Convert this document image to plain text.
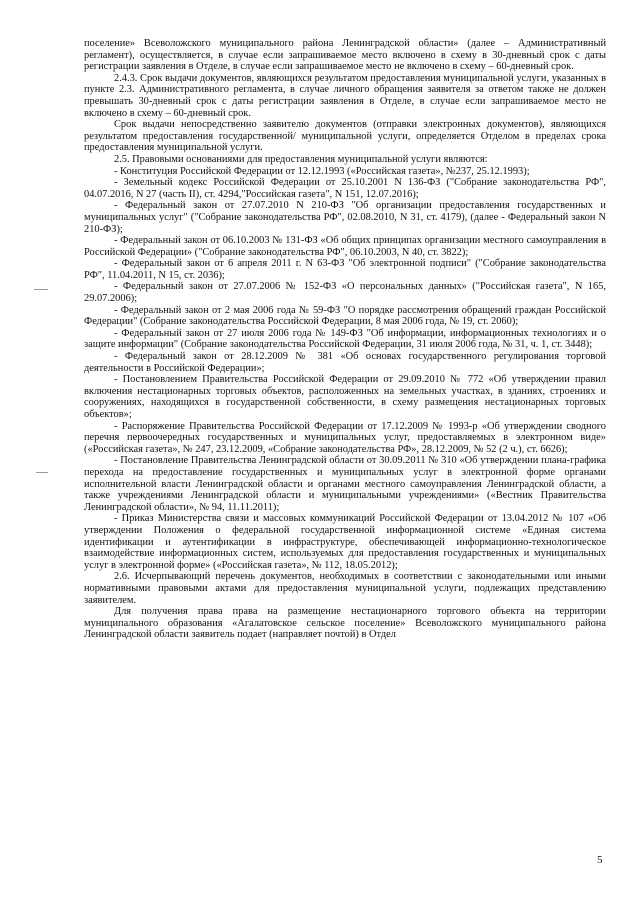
поселение» Всеволожского муниципального района Ленинградской области» (далее – Административный регламент), осуществляется, в случае если запрашиваемое место включено в схему в 30-дневный срок с даты регистрации заявления в Отделе, в случае если запрашиваемое место не включено в схему – 60-дневный срок.

2.4.3. Срок выдачи документов, являющихся результатом предоставления муниципальной услуги, указанных в пункте 2.3. Административного регламента, в случае личного обращения заявителя за ответом также не должен превышать 30-дневный срок с даты регистрации заявления в Отделе, в случае если запрашиваемое место не включено в схему – 60-дневный срок.

Срок выдачи непосредственно заявителю документов (отправки электронных документов), являющихся результатом предоставления государственной/ муниципальной услуги, определяется Отделом в пределах срока предоставления муниципальной услуги.

2.5. Правовыми основаниями для предоставления муниципальной услуги являются:

- Конституция Российской Федерации от 12.12.1993 («Российская газета», №237, 25.12.1993);

- Земельный кодекс Российской Федерации от 25.10.2001 N 136-ФЗ ("Собрание законодательства РФ", 04.07.2016, N 27 (часть II), ст. 4294,"Российская газета", N 151, 12.07.2016);

- Федеральный закон от 27.07.2010 N 210-ФЗ "Об организации предоставления государственных и муниципальных услуг" ("Собрание законодательства РФ", 02.08.2010, N 31, ст. 4179), (далее - Федеральный закон N 210-ФЗ);

- Федеральный закон от 06.10.2003 № 131-ФЗ «Об общих принципах организации местного самоуправления в Российской Федерации» ("Собрание законодательства РФ", 06.10.2003, N 40, ст. 3822);

- Федеральный закон от 6 апреля 2011 г. N 63-ФЗ "Об электронной подписи" ("Собрание законодательства РФ", 11.04.2011, N 15, ст. 2036);

- Федеральный закон от 27.07.2006 № 152-ФЗ «О персональных данных» ("Российская газета", N 165, 29.07.2006);

- Федеральный закон от 2 мая 2006 года № 59-ФЗ "О порядке рассмотрения обращений граждан Российской Федерации" (Собрание законодательства Российской Федерации, 8 мая 2006 года, № 19, ст. 2060);

- Федеральный закон от 27 июля 2006 года № 149-ФЗ "Об информации, информационных технологиях и о защите информации" (Собрание законодательства Российской Федерации, 31 июля 2006 года, № 31, ч. 1, ст. 3448);

- Федеральный закон от 28.12.2009 № 381 «Об основах государственного регулирования торговой деятельности в Российской Федерации»;

- Постановлением Правительства Российской Федерации от 29.09.2010 № 772 «Об утверждении правил включения нестационарных торговых объектов, расположенных на земельных участках, в зданиях, строениях и сооружениях, находящихся в государственной собственности, в схему размещения нестационарных торговых объектов»;

- Распоряжение Правительства Российской Федерации от 17.12.2009 № 1993-р «Об утверждении сводного перечня первоочередных государственных и муниципальных услуг, предоставляемых в электронном виде» («Российская газета», № 247, 23.12.2009, «Собрание законодательства РФ», 28.12.2009, № 52 (2 ч.), ст. 6626);

- Постановление Правительства Ленинградской области от 30.09.2011 № 310 «Об утверждении плана-графика перехода на предоставление государственных и муниципальных услуг в электронной форме органами исполнительной власти Ленинградской области и органами местного самоуправления Ленинградской области, а также учреждениями Ленинградской области и муниципальными учреждениями» («Вестник Правительства Ленинградской области», № 94, 11.11.2011);

- Приказ Министерства связи и массовых коммуникаций Российской Федерации от 13.04.2012 № 107 «Об утверждении Положения о федеральной государственной информационной системе «Единая система идентификации и аутентификации в инфраструктуре, обеспечивающей информационно-технологическое взаимодействие информационных систем, используемых для предоставления государственных и муниципальных услуг в электронной форме» («Российская газета», № 112, 18.05.2012);

2.6. Исчерпывающий перечень документов, необходимых в соответствии с законодательными или иными нормативными правовыми актами для предоставления муниципальной услуги, подлежащих представлению заявителем.

Для получения права права на размещение нестационарного торгового объекта на территории муниципального образования «Агалатовское сельское поселение» Всеволожского муниципального района Ленинградской области заявитель подает (направляет почтой) в Отдел

5
